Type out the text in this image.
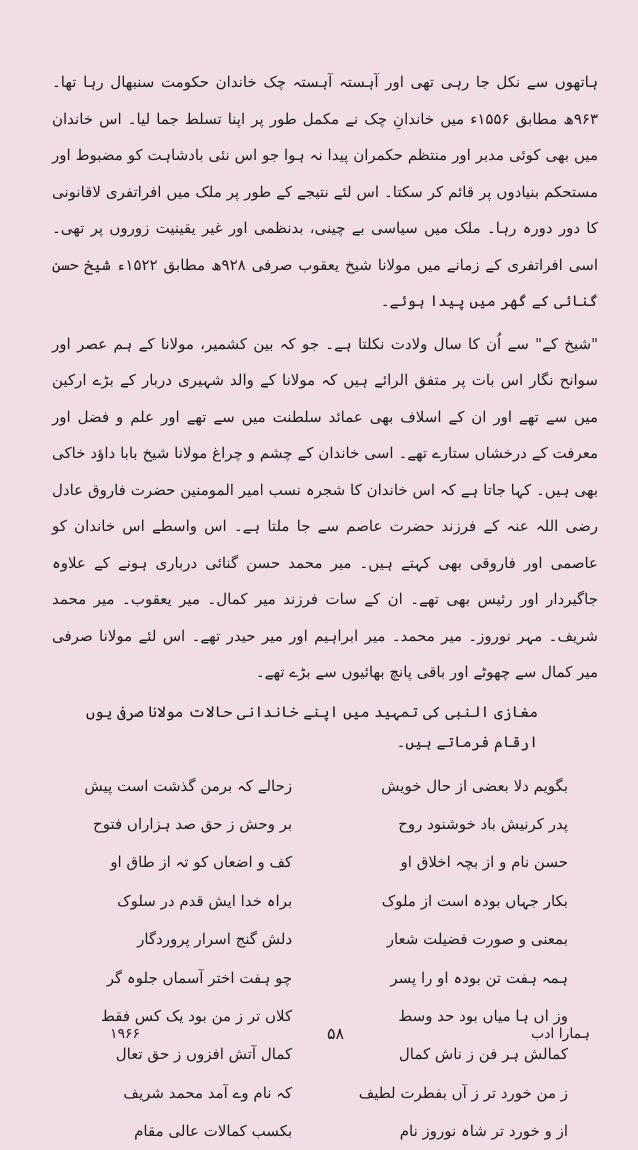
ہاتھوں سے نکل جا رہی تھی اور آہستہ آہستہ چک خاندان حکومت سنبھال رہا تھا۔ ۹۶۳ھ مطابق ۱۵۵۶ء میں خاندانِ چک نے مکمل طور پر اپنا تسلط جما لیا۔ اس خاندان میں بھی کوئی مدبر اور منتظم حکمران پیدا نہ ہوا جو اس نئی بادشاہت کو مضبوط اور مستحکم بنیادوں پر قائم کر سکتا۔ اس لئے نتیجے کے طور پر ملک میں افراتفری لاقانونی کا دور دورہ رہا۔ ملک میں سیاسی بے چینی، بدنظمی اور غیر یقینیت زوروں پر تھی۔ اسی افراتفری کے زمانے میں مولانا شیخ یعقوب صرفی ۹۲۸ھ مطابق ۱۵۲۲ء شیخ حسن گنائی کے گھر میں پیدا ہوئے۔

"شیخ کے" سے اُن کا سال ولادت نکلتا ہے۔ جو کہ بین کشمیر، مولانا کے ہم عصر اور سوانح نگار اس بات پر متفق الرائے ہیں کہ مولانا کے والد شہیری دربار کے بڑے ارکین میں سے تھے اور ان کے اسلاف بھی عمائد سلطنت میں سے تھے اور علم و فضل اور معرفت کے درخشاں ستارے تھے۔ اسی خاندان کے چشم و چراغ مولانا شیخ بابا داؤد خاکی بھی ہیں۔ کہا جاتا ہے کہ اس خاندان کا شجرہ نسب امیر المومنین حضرت فاروق عادل رضی اللہ عنہ کے فرزند حضرت عاصم سے جا ملتا ہے۔ اس واسطے اس خاندان کو عاصمی اور فاروقی بھی کہتے ہیں۔ میر محمد حسن گنائی درباری ہونے کے علاوہ جاگیردار اور رئیس بھی تھے۔ ان کے سات فرزند میر کمال۔ میر یعقوب۔ میر محمد شریف۔ مہر نوروز۔ میر محمد۔ میر ابراہیم اور میر حیدر تھے۔ اس لئے مولانا صرفی میر کمال سے چھوٹے اور باقی پانچ بھائیوں سے بڑے تھے۔

مغازی النبی کی تمہید میں اپنے خاندانی حالات مولانا صرفی یوں ارقام فرماتے ہیں۔
بگویم دلا بعضی از حال خویش
زحالے کہ برمن گذشت است پیش
پدر کرنیش باد خوشنود روح
بر وحش ز حق صد ہزاراں فتوح
حسن نام و از بچہ اخلاق او
کف و اضعاں کو تہ از طاق او
بکار جہاں بودہ است از ملوک
براہ خدا ایش قدم در سلوک
بمعنی و صورت فضیلت شعار
دلش گنج اسرار پروردگار
ہمہ ہفت تن بودہ او را پسر
چو ہفت اختر آسماں جلوہ گر
وز اں ہا میاں بود حد وسط
کلاں تر ز من بود یک کس فقط
کمالش ہر فن ز ناش کمال
کمال آتش افزوں ز حق تعال
ز من خورد تر ز آں بفطرت لطیف
کہ نام وے آمد محمد شریف
از و خورد تر شاہ نوروز نام
بکسب کمالات عالی مقام
۱۹۶۶	۵۸	ہمارا ادب
